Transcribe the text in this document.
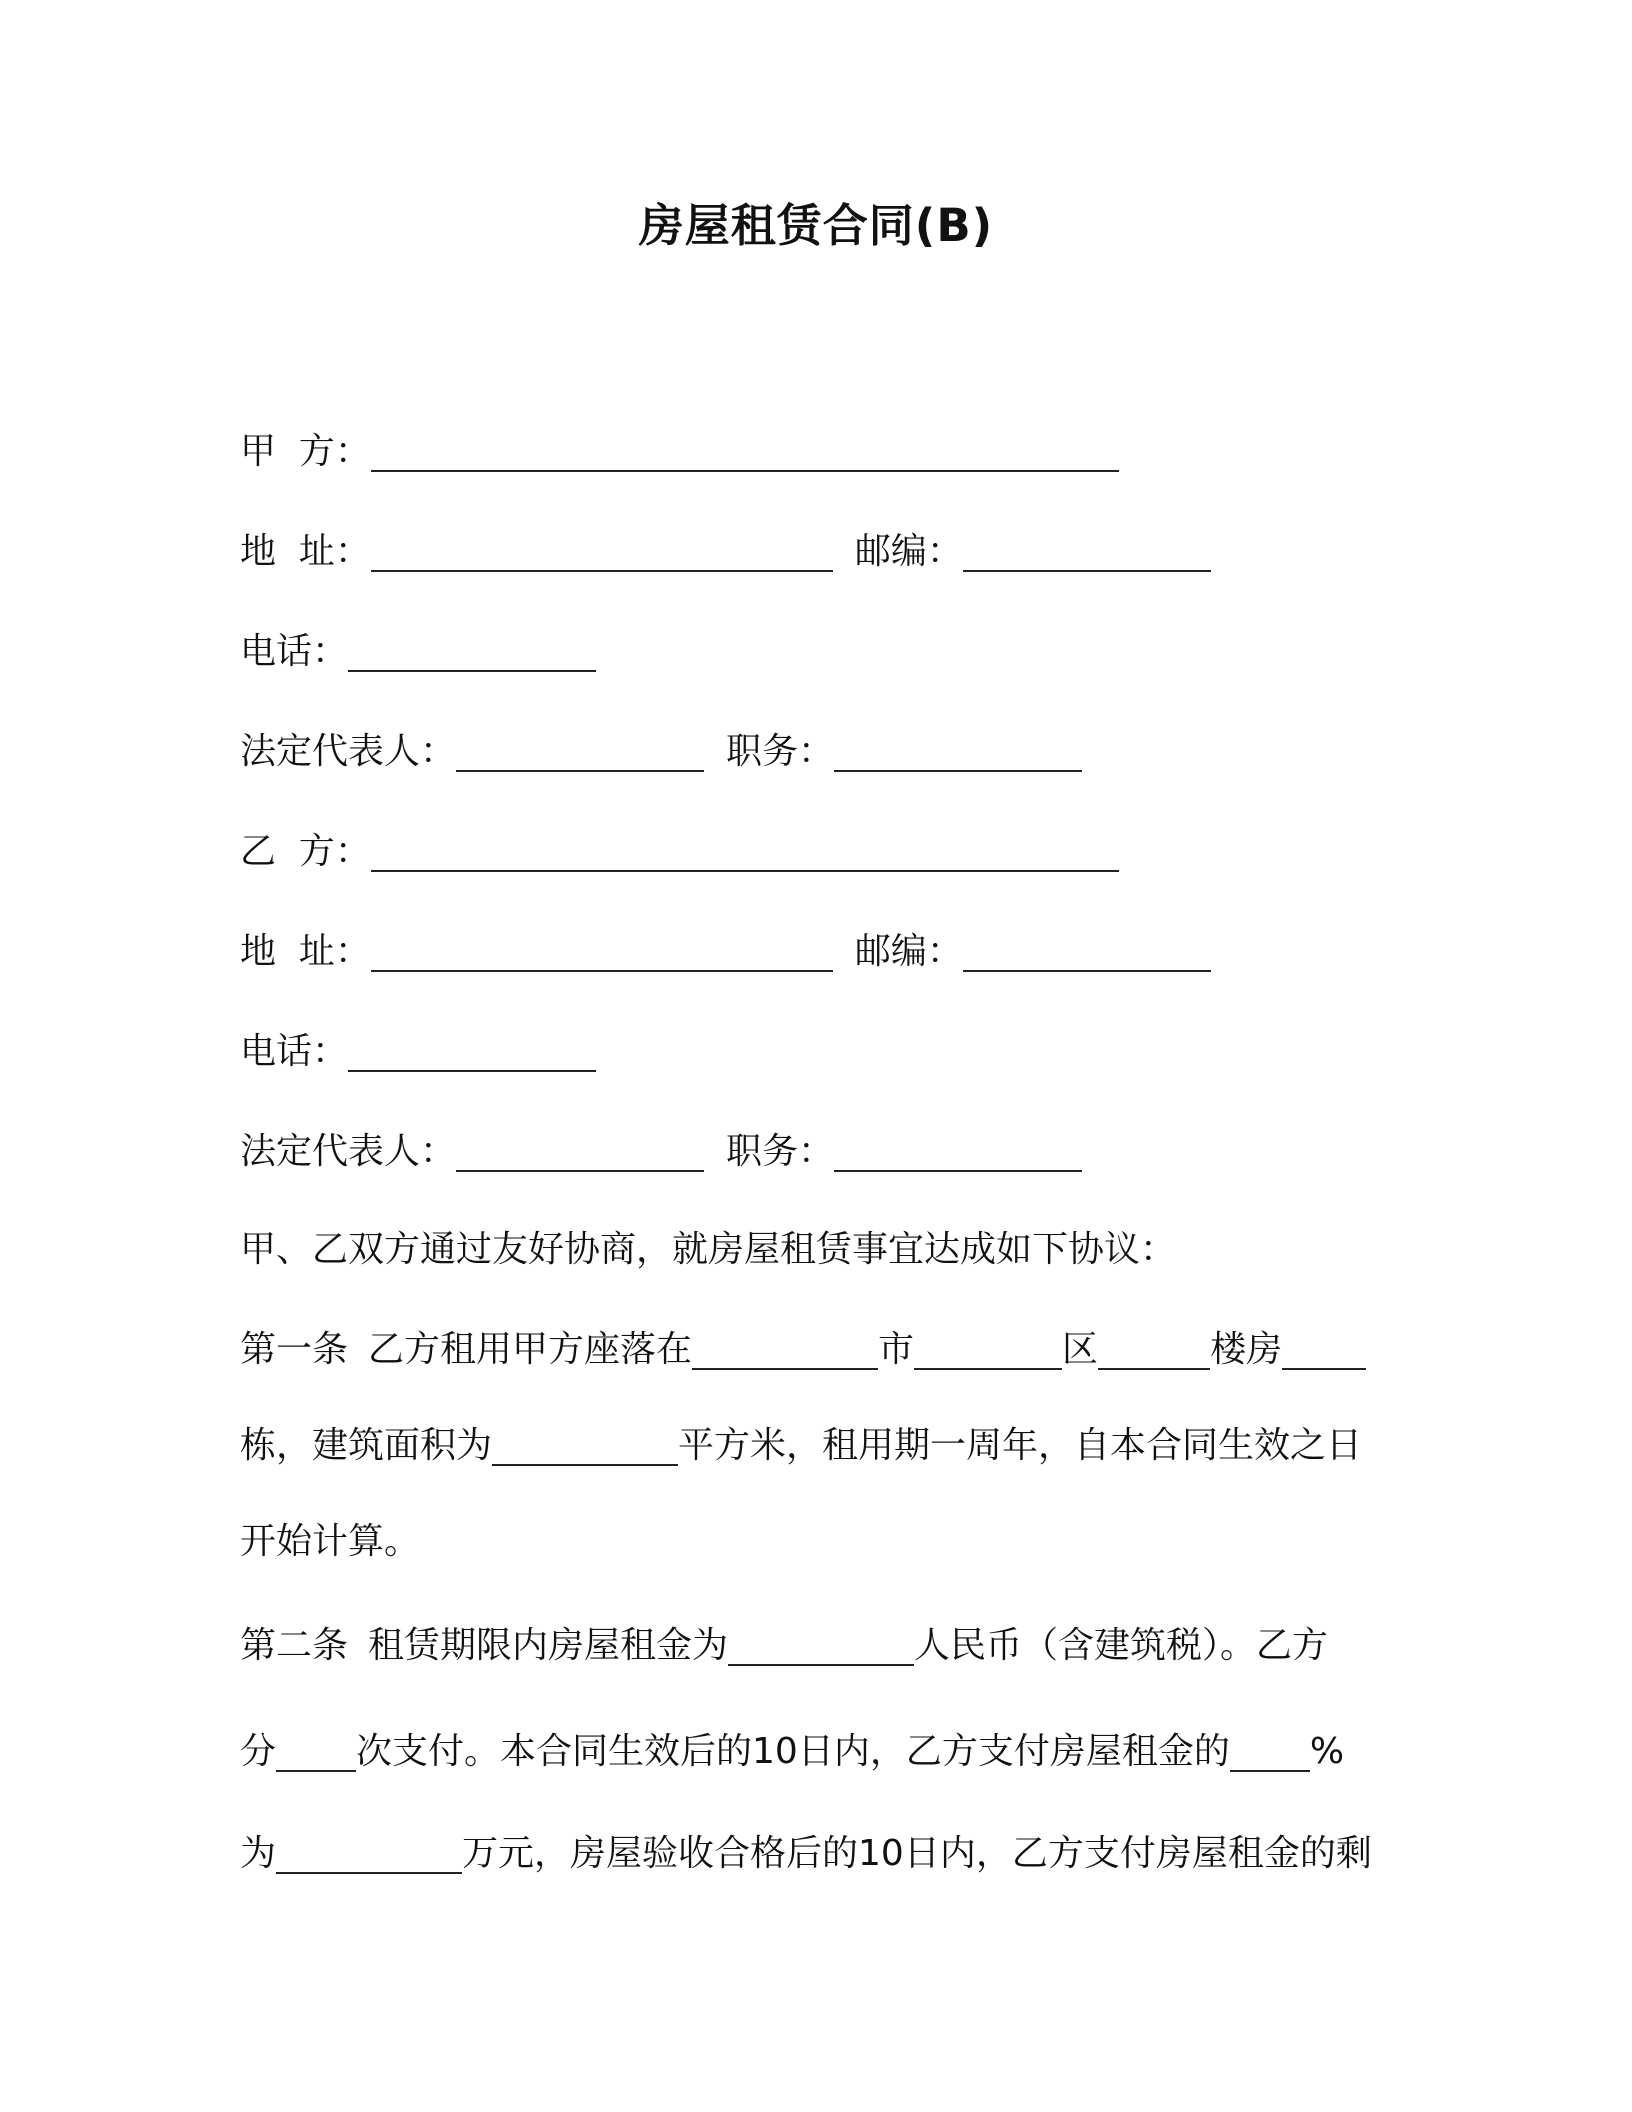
房屋租赁合同(B)
甲  方：
地  址：	邮编：
电话：
法定代表人：	职务：
乙  方：
地  址：	邮编：
电话：
法定代表人：	职务：
甲、乙双方通过友好协商，就房屋租赁事宜达成如下协议：
第一条 乙方租用甲方座落在	市	区	楼房
栋，建筑面积为	平方米，租用期一周年，自本合同生效之日
开始计算。
第二条 租赁期限内房屋租金为	人民币（含建筑税）。乙方
分 次支付。本合同生效后的10日内，乙方支付房屋租金的 %
为	万元，房屋验收合格后的10日内，乙方支付房屋租金的剩
